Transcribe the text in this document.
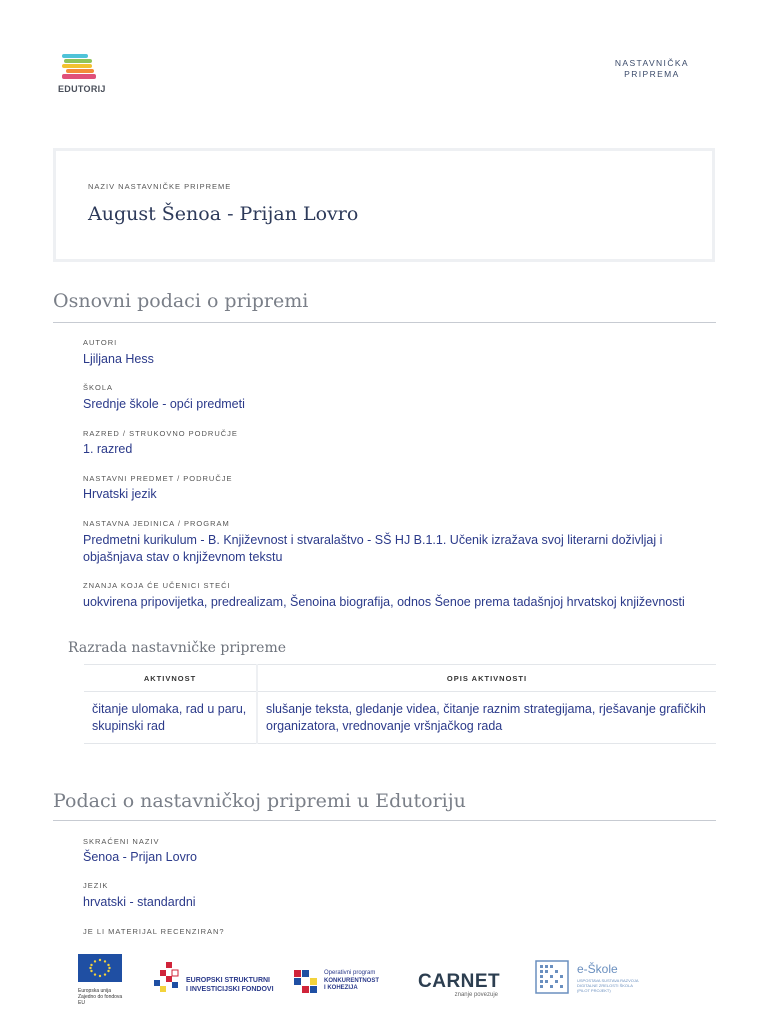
EDUTORIJ
NASTAVNIČKA
PRIPREMA
NAZIV NASTAVNIČKE PRIPREME
August Šenoa - Prijan Lovro
Osnovni podaci o pripremi
AUTORI
Ljiljana Hess
ŠKOLA
Srednje škole - opći predmeti
RAZRED / STRUKOVNO PODRUČJE
1. razred
NASTAVNI PREDMET / PODRUČJE
Hrvatski jezik
NASTAVNA JEDINICA / PROGRAM
Predmetni kurikulum - B. Književnost i stvaralaštvo - SŠ HJ B.1.1. Učenik izražava svoj literarni doživljaj i objašnjava stav o književnom tekstu
ZNANJA KOJA ĆE UČENICI STEĆI
uokvirena pripovijetka, predrealizam, Šenoina biografija, odnos Šenoe prema tadašnjoj hrvatskoj književnosti
Razrada nastavničke pripreme
AKTIVNOST	OPIS AKTIVNOSTI
čitanje ulomaka, rad u paru, skupinski rad	slušanje teksta, gledanje videa, čitanje raznim strategijama, rješavanje grafičkih organizatora, vrednovanje vršnjačkog rada
Podaci o nastavničkoj pripremi u Edutoriju
SKRAĆENI NAZIV
Šenoa - Prijan Lovro
JEZIK
hrvatski - standardni
JE LI MATERIJAL RECENZIRAN?
Europska unija
Zajedno do fondova EU
EUROPSKI STRUKTURNI
I INVESTICIJSKI FONDOVI
Operativni program
KONKURENTNOST
I KOHEZIJA	CARNET
znanje povezuje
e-Škole
USPOSTAVA SUSTAVA RAZVOJA
DIGITALNE ZRELOSTI ŠKOLA
(PILOT PROJEKT)
